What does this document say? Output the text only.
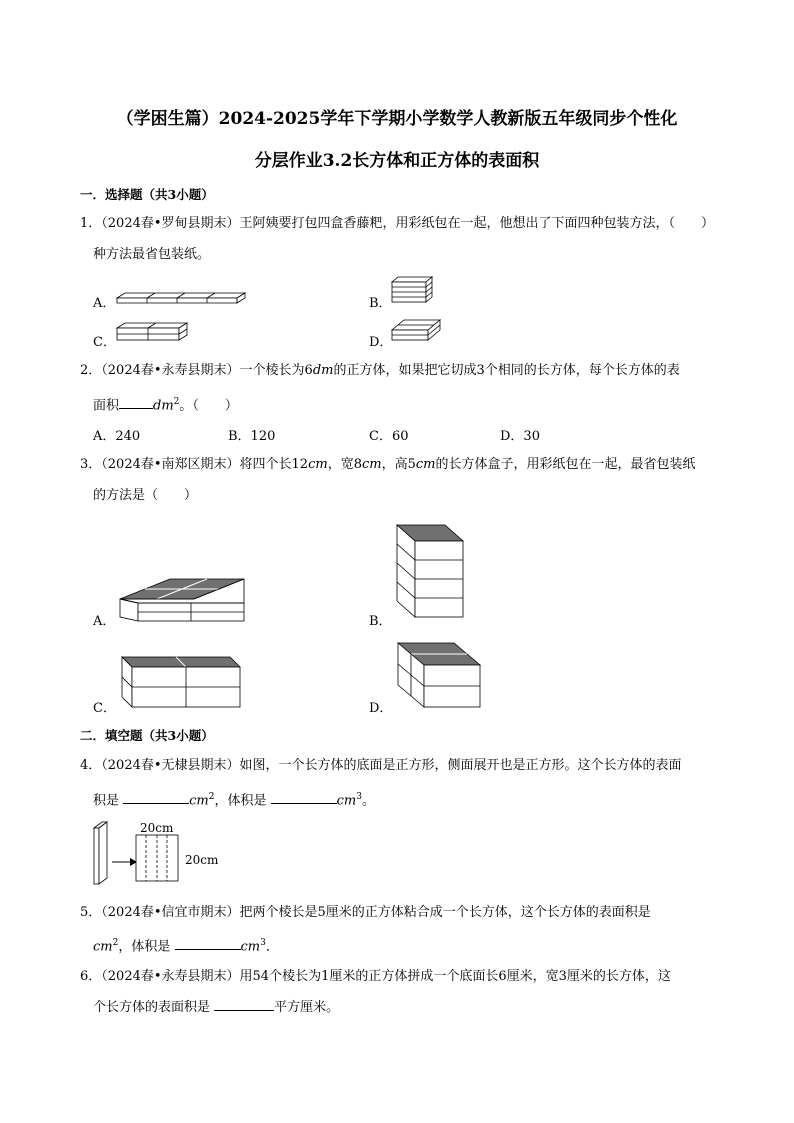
（学困生篇）2024-2025学年下学期小学数学人教新版五年级同步个性化
分层作业3.2长方体和正方体的表面积
一．选择题（共3小题）
1．（2024春•罗甸县期末）王阿姨要打包四盒香藤粑，用彩纸包在一起，他想出了下面四种包装方法，（　　）
种方法最省包装纸。
A．	B．
C．	D．
2．（2024春•永寿县期末）一个棱长为6dm的正方体，如果把它切成3个相同的长方体，每个长方体的表
面积	$dm^2$。（　　）
A．240	B．120	C．60	D．30
3．（2024春•南郑区期末）将四个长12cm，宽8cm，高5cm的长方体盒子，用彩纸包在一起，最省包装纸
的方法是（　　）
A．	B．
C．	D．
二．填空题（共3小题）
4．（2024春•无棣县期末）如图，一个长方体的底面是正方形，侧面展开也是正方形。这个长方体的表面
积是	$cm^2$，体积是	$cm^3$。
20cm
20cm
5．（2024春•信宜市期末）把两个棱长是5厘米的正方体粘合成一个长方体，这个长方体的表面积是
$cm^2$，体积是	$cm^3$．
6．（2024春•永寿县期末）用54个棱长为1厘米的正方体拼成一个底面长6厘米，宽3厘米的长方体，这
个长方体的表面积是	平方厘米。
